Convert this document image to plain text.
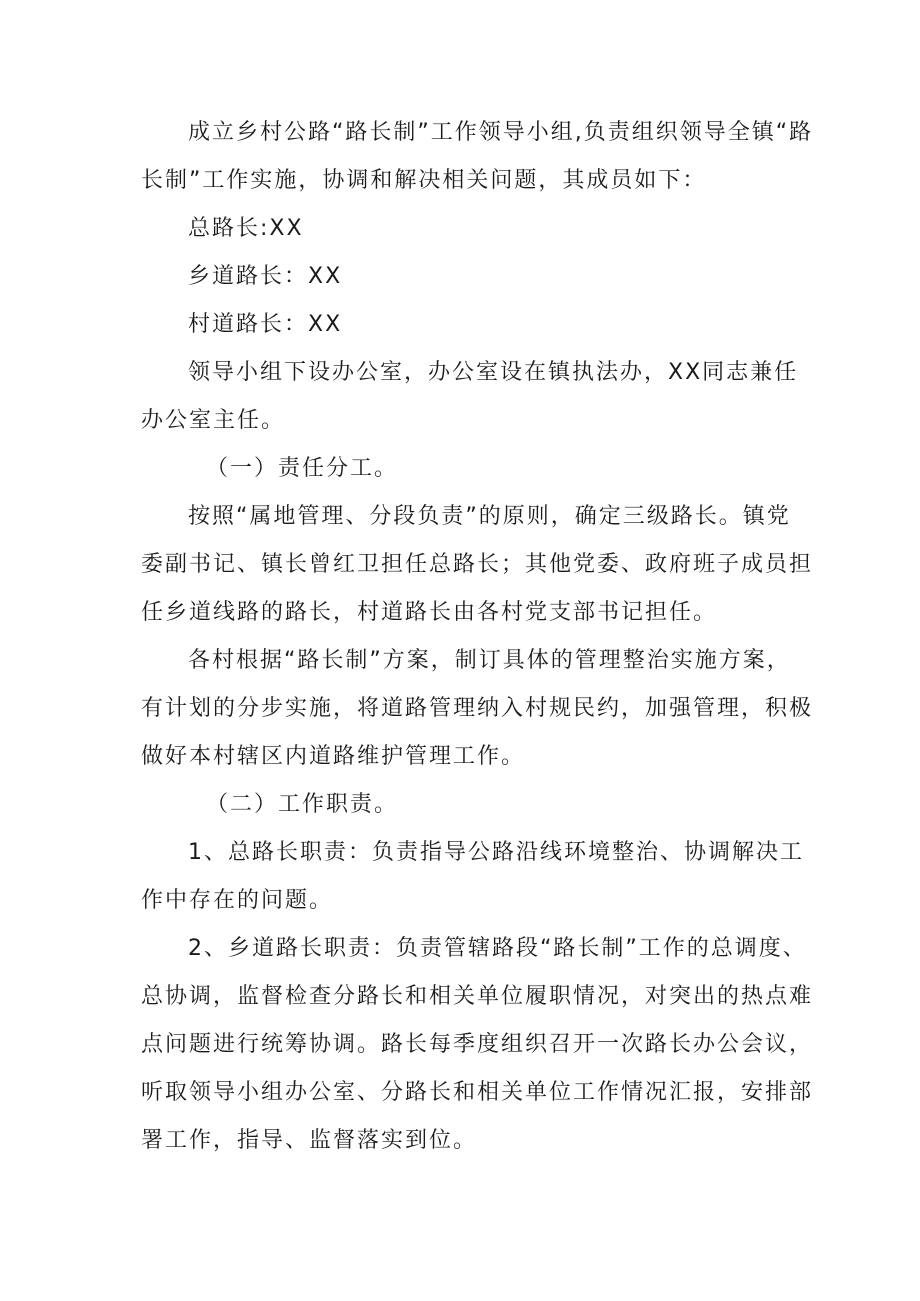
成立乡村公路“路长制”工作领导小组,负责组织领导全镇“路
长制”工作实施，协调和解决相关问题，其成员如下：
总路长:XX
乡道路长：XX
村道路长：XX
领导小组下设办公室，办公室设在镇执法办，XX同志兼任
办公室主任。
（一）责任分工。
按照“属地管理、分段负责”的原则，确定三级路长。镇党
委副书记、镇长曾红卫担任总路长；其他党委、政府班子成员担
任乡道线路的路长，村道路长由各村党支部书记担任。
各村根据“路长制”方案，制订具体的管理整治实施方案，
有计划的分步实施，将道路管理纳入村规民约，加强管理，积极
做好本村辖区内道路维护管理工作。
（二）工作职责。
1、总路长职责：负责指导公路沿线环境整治、协调解决工
作中存在的问题。
2、乡道路长职责：负责管辖路段“路长制”工作的总调度、
总协调，监督检查分路长和相关单位履职情况，对突出的热点难
点问题进行统筹协调。路长每季度组织召开一次路长办公会议，
听取领导小组办公室、分路长和相关单位工作情况汇报，安排部
署工作，指导、监督落实到位。
